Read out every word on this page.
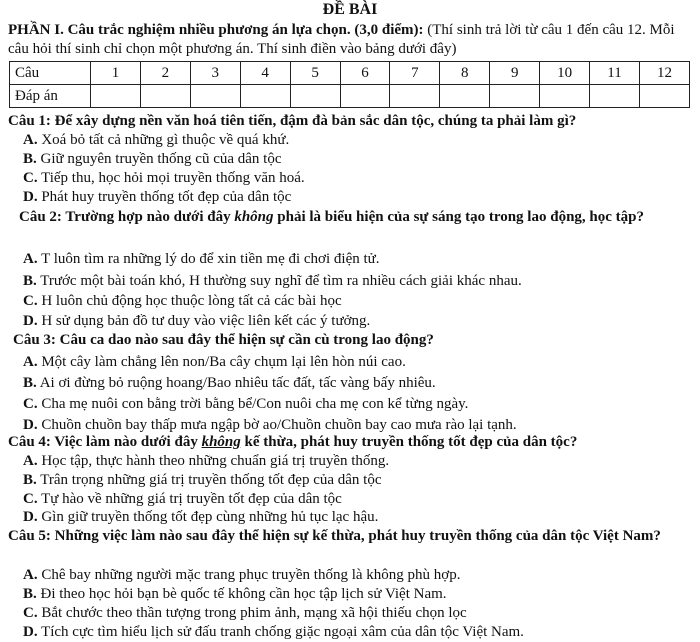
ĐỀ BÀI
PHẦN I. Câu trắc nghiệm nhiều phương án lựa chọn. (3,0 điểm): (Thí sinh trả lời từ câu 1 đến câu 12. Mỗi câu hỏi thí sinh chỉ chọn một phương án. Thí sinh điền vào bảng dưới đây)
Câu	1	2	3	4	5	6	7	8	9	10	11	12
Đáp án												
Câu 1: Để xây dựng nền văn hoá tiên tiến, đậm đà bản sắc dân tộc, chúng ta phải làm gì?
A. Xoá bỏ tất cả những gì thuộc về quá khứ.
B. Giữ nguyên truyền thống cũ của dân tộc
C. Tiếp thu, học hỏi mọi truyền thống văn hoá.
D. Phát huy truyền thống tốt đẹp của dân tộc
Câu 2: Trường hợp nào dưới đây không phải là biểu hiện của sự sáng tạo trong lao động, học tập?
A. T luôn tìm ra những lý do để xin tiền mẹ đi chơi điện tử.
B. Trước một bài toán khó, H thường suy nghĩ để tìm ra nhiều cách giải khác nhau.
C. H luôn chủ động học thuộc lòng tất cả các bài học
D. H sử dụng bản đồ tư duy vào việc liên kết các ý tưởng.
Câu 3: Câu ca dao nào sau đây thể hiện sự cần cù trong lao động?
A. Một cây làm chẳng lên non/Ba cây chụm lại lên hòn núi cao.
B. Ai ơi đừng bỏ ruộng hoang/Bao nhiêu tấc đất, tấc vàng bấy nhiêu.
C. Cha mẹ nuôi con bằng trời bằng bể/Con nuôi cha mẹ con kể từng ngày.
D. Chuồn chuồn bay thấp mưa ngập bờ ao/Chuồn chuồn bay cao mưa rào lại tạnh.
Câu 4: Việc làm nào dưới đây không kế thừa, phát huy truyền thống tốt đẹp của dân tộc?
A. Học tập, thực hành theo những chuẩn giá trị truyền thống.
B. Trân trọng những giá trị truyền thống tốt đẹp của dân tộc
C. Tự hào về những giá trị truyền tốt đẹp của dân tộc
D. Gìn giữ truyền thống tốt đẹp cùng những hủ tục lạc hậu.
Câu 5: Những việc làm nào sau đây thể hiện sự kế thừa, phát huy truyền thống của dân tộc Việt Nam?
A. Chê bay những người mặc trang phục truyền thống là không phù hợp.
B. Đi theo học hỏi bạn bè quốc tế không cần học tập lịch sử Việt Nam.
C. Bắt chước theo thần tượng trong phim ảnh, mạng xã hội thiếu chọn lọc
D. Tích cực tìm hiểu lịch sử đấu tranh chống giặc ngoại xâm của dân tộc Việt Nam.
